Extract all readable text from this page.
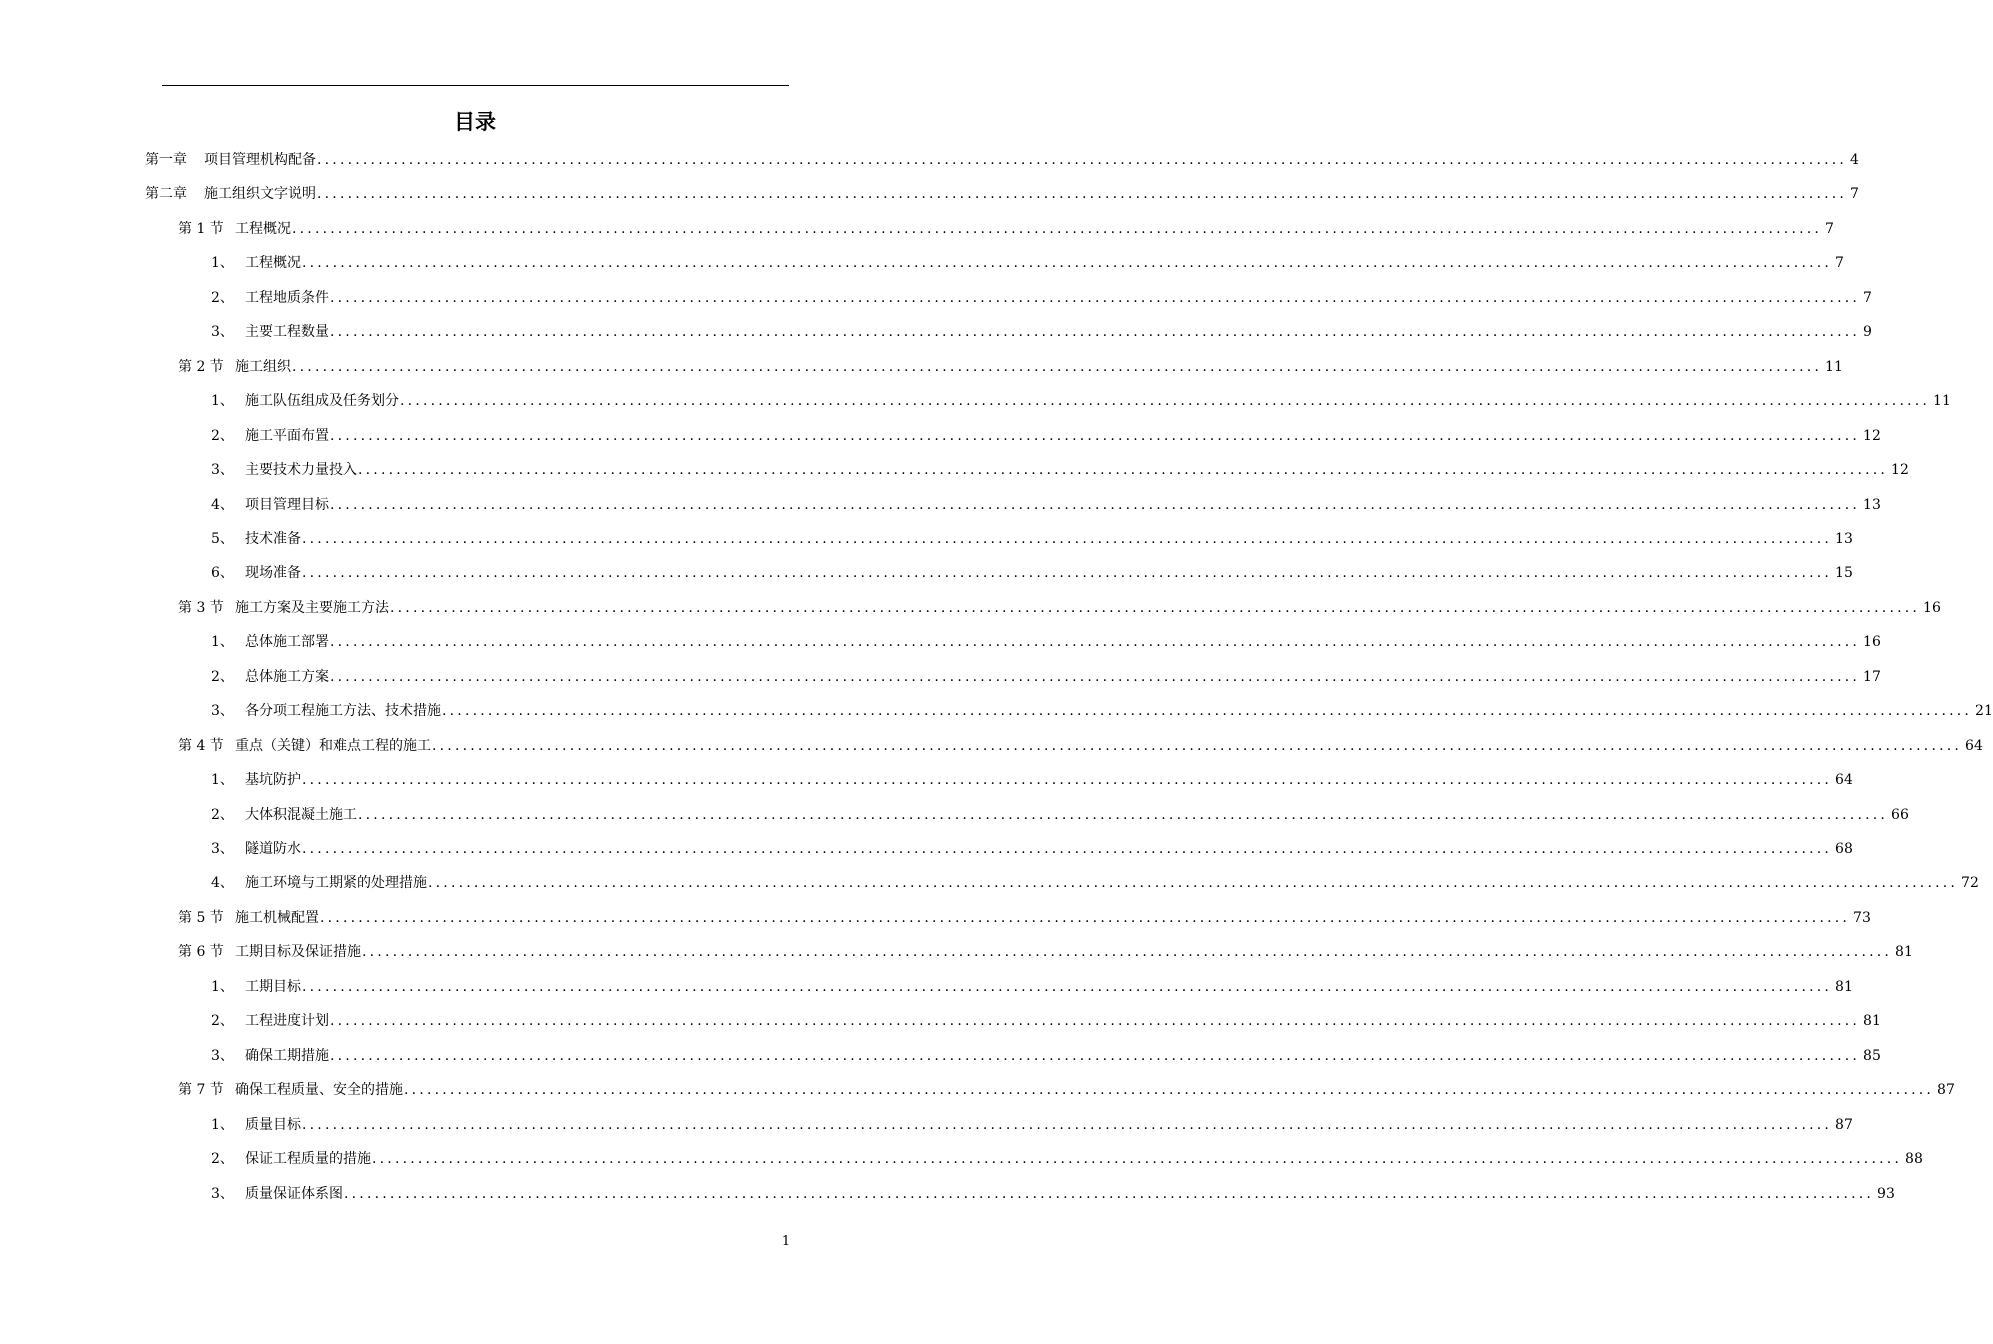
目录
第一章	项目管理机构配备 ........................................................................................................................................................................................................ 4
第二章	施工组织文字说明 ........................................................................................................................................................................................................ 7
第 1 节 工程概况 ........................................................................................................................................................................................................ 7
1、 工程概况 ........................................................................................................................................................................................................ 7
2、 工程地质条件 ........................................................................................................................................................................................................ 7
3、 主要工程数量 ........................................................................................................................................................................................................ 9
第 2 节 施工组织 ........................................................................................................................................................................................................ 11
1、 施工队伍组成及任务划分 ........................................................................................................................................................................................................ 11
2、 施工平面布置 ........................................................................................................................................................................................................ 12
3、 主要技术力量投入 ........................................................................................................................................................................................................ 12
4、 项目管理目标 ........................................................................................................................................................................................................ 13
5、 技术准备 ........................................................................................................................................................................................................ 13
6、 现场准备 ........................................................................................................................................................................................................ 15
第 3 节 施工方案及主要施工方法 ........................................................................................................................................................................................................ 16
1、 总体施工部署 ........................................................................................................................................................................................................ 16
2、 总体施工方案 ........................................................................................................................................................................................................ 17
3、 各分项工程施工方法、技术措施 ........................................................................................................................................................................................................ 21
第 4 节 重点（关键）和难点工程的施工 ........................................................................................................................................................................................................ 64
1、 基坑防护 ........................................................................................................................................................................................................ 64
2、 大体积混凝土施工 ........................................................................................................................................................................................................ 66
3、 隧道防水 ........................................................................................................................................................................................................ 68
4、 施工环境与工期紧的处理措施 ........................................................................................................................................................................................................ 72
第 5 节 施工机械配置 ........................................................................................................................................................................................................ 73
第 6 节 工期目标及保证措施 ........................................................................................................................................................................................................ 81
1、 工期目标 ........................................................................................................................................................................................................ 81
2、 工程进度计划 ........................................................................................................................................................................................................ 81
3、 确保工期措施 ........................................................................................................................................................................................................ 85
第 7 节 确保工程质量、安全的措施 ........................................................................................................................................................................................................ 87
1、 质量目标 ........................................................................................................................................................................................................ 87
2、 保证工程质量的措施 ........................................................................................................................................................................................................ 88
3、 质量保证体系图 ........................................................................................................................................................................................................ 93
1
